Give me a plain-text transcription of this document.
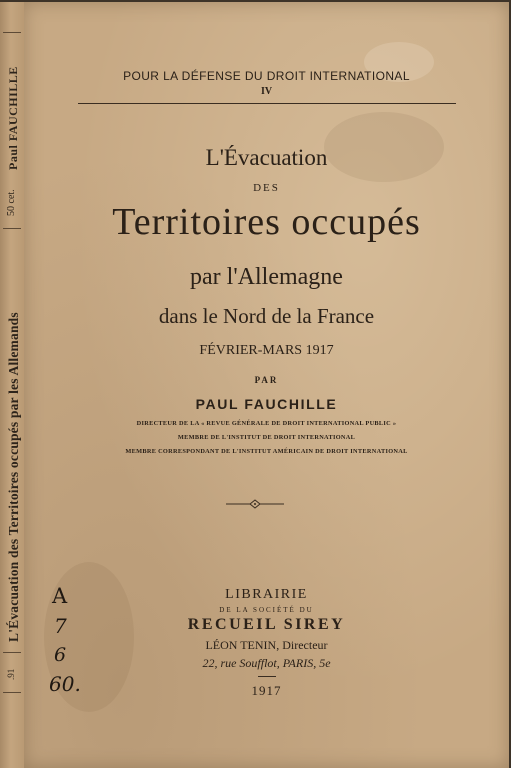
Paul FAUCHILLE
50 cet.
L'Évacuation des Territoires occupés par les Allemands
.91
POUR LA DÉFENSE DU DROIT INTERNATIONAL
IV
L'Évacuation
DES
Territoires occupés
par l'Allemagne
dans le Nord de la France
FÉVRIER-MARS 1917
PAR
PAUL FAUCHILLE
DIRECTEUR DE LA « REVUE GÉNÉRALE DE DROIT INTERNATIONAL PUBLIC »
MEMBRE DE L'INSTITUT DE DROIT INTERNATIONAL
MEMBRE CORRESPONDANT DE L'INSTITUT AMÉRICAIN DE DROIT INTERNATIONAL
LIBRAIRIE
DE LA SOCIÉTÉ DU
RECUEIL SIREY
LÉON TENIN, Directeur
22, rue Soufflot, PARIS, 5e
1917
A
7
6
60.
